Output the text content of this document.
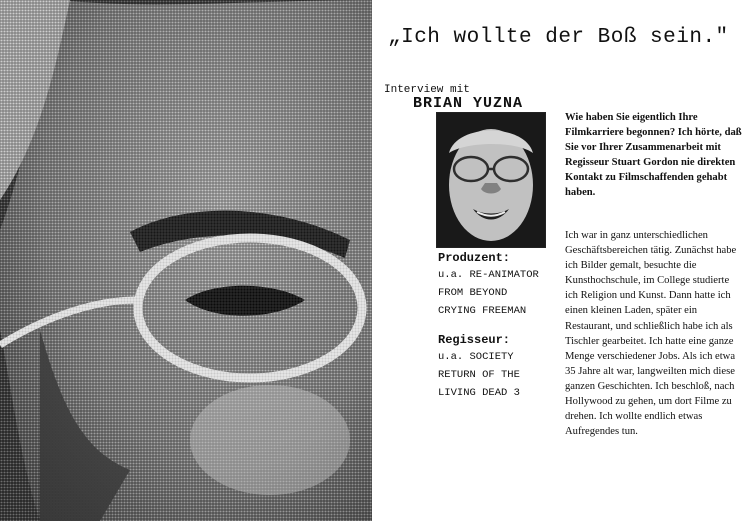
„Ich wollte der Boß sein."
Interview mit
BRIAN YUZNA
Produzent:
u.a. RE-ANIMATOR
FROM BEYOND
CRYING FREEMAN
Regisseur:
u.a. SOCIETY
RETURN OF THE
LIVING DEAD 3

Wie haben Sie eigentlich Ihre Filmkarriere begonnen? Ich hörte, daß Sie vor Ihrer Zusammenarbeit mit Regisseur Stuart Gordon nie direkten Kontakt zu Filmschaffenden gehabt haben.

Ich war in ganz unterschiedlichen Geschäftsbereichen tätig. Zunächst habe ich Bilder gemalt, besuchte die Kunsthochschule, im College studierte ich Religion und Kunst. Dann hatte ich einen kleinen Laden, später ein Restaurant, und schließlich habe ich als Tischler gearbeitet. Ich hatte eine ganze Menge verschiedener Jobs. Als ich etwa 35 Jahre alt war, langweilten mich diese ganzen Geschichten. Ich beschloß, nach Hollywood zu gehen, um dort Filme zu drehen. Ich wollte endlich etwas Aufregendes tun.
